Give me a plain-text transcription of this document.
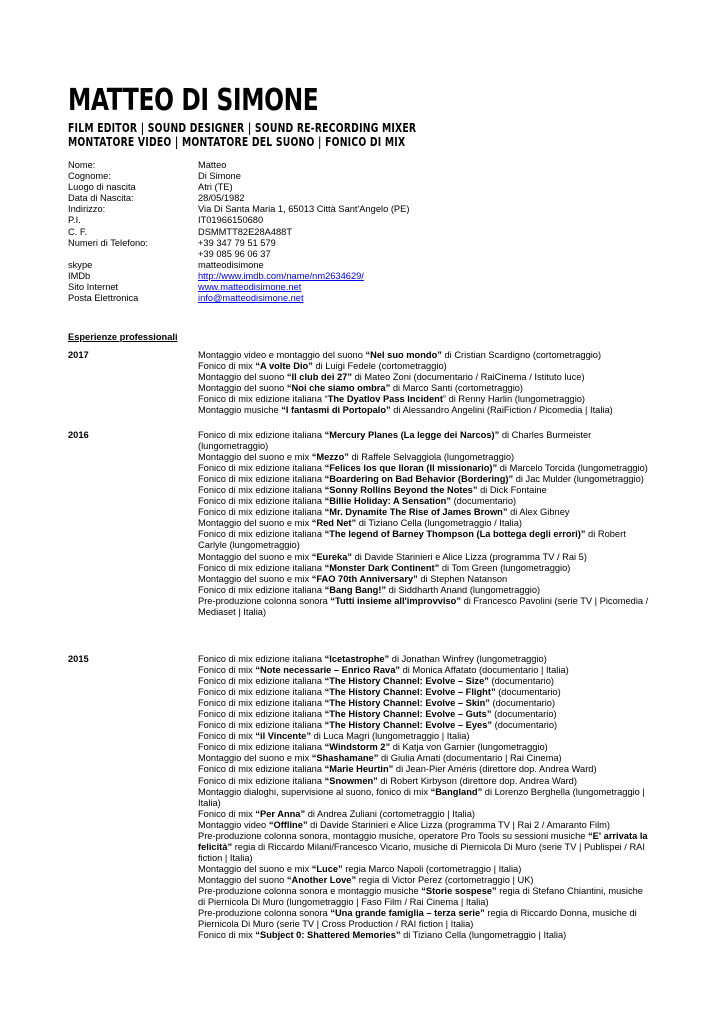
MATTEO DI SIMONE

FILM EDITOR | SOUND DESIGNER | SOUND RE-RECORDING MIXER

MONTATORE VIDEO | MONTATORE DEL SUONO | FONICO DI MIX

Nome:	Matteo
Cognome:	Di Simone
Luogo di nascita	Atri (TE)
Data di Nascita:	28/05/1982
Indirizzo:	Via Di Santa Maria 1, 65013 Città Sant'Angelo (PE)
P.I.	IT01966150680
C. F.	DSMMTT82E28A488T
Numeri di Telefono:	+39 347 79 51 579
+39 085 96 06 37
skype	matteodisimone
IMDb	http://www.imdb.com/name/nm2634629/
Sito Internet	www.matteodisimone.net
Posta Elettronica	info@matteodisimone.net
Esperienze professionali
2017	Montaggio video e montaggio del suono “Nel suo mondo” di Cristian Scardigno (cortometraggio)

Fonico di mix “A volte Dio” di Luigi Fedele (cortometraggio)

Montaggio del suono “Il club dei 27” di Mateo Zoni (documentario / RaiCinema / Istituto luce)

Montaggio del suono “Noi che siamo ombra” di Marco Santi (cortometraggio)

Fonico di mix edizione italiana “The Dyatlov Pass Incident” di Renny Harlin (lungometraggio)

Montaggio musiche “I fantasmi di Portopalo” di Alessandro Angelini (RaiFiction / Picomedia | Italia)

2016	Fonico di mix edizione italiana “Mercury Planes (La legge dei Narcos)” di Charles Burmeister (lungometraggio)

Montaggio del suono e mix “Mezzo” di Raffele Selvaggiola (lungometraggio)

Fonico di mix edizione italiana “Felices los que lloran (Il missionario)” di Marcelo Torcida (lungometraggio)

Fonico di mix edizione italiana “Boardering on Bad Behavior (Bordering)” di Jac Mulder (lungometraggio)

Fonico di mix edizione italiana “Sonny Rollins Beyond the Notes” di Dick Fontaine

Fonico di mix edizione italiana “Billie Holiday: A Sensation” (documentario)

Fonico di mix edizione italiana “Mr. Dynamite The Rise of James Brown” di Alex Gibney

Montaggio del suono e mix “Red Net” di Tiziano Cella (lungometraggio / Italia)

Fonico di mix edizione italiana “The legend of Barney Thompson (La bottega degli errori)” di Robert Carlyle (lungometraggio)

Montaggio del suono e mix “Eureka” di Davide Starinieri e Alice Lizza (programma TV / Rai 5)

Fonico di mix edizione italiana “Monster Dark Continent” di Tom Green (lungometraggio)

Montaggio del suono e mix “FAO 70th Anniversary” di Stephen Natanson

Fonico di mix edizione italiana “Bang Bang!” di Siddharth Anand (lungometraggio)

Pre-produzione colonna sonora “Tutti insieme all'improvviso” di Francesco Pavolini (serie TV | Picomedia / Mediaset | Italia)

2015	Fonico di mix edizione italiana “Icetastrophe” di Jonathan Winfrey (lungometraggio)

Fonico di mix “Note necessarie – Enrico Rava” di Monica Affatato (documentario | Italia)

Fonico di mix edizione italiana “The History Channel: Evolve – Size” (documentario)

Fonico di mix edizione italiana “The History Channel: Evolve – Flight” (documentario)

Fonico di mix edizione italiana “The History Channel: Evolve – Skin” (documentario)

Fonico di mix edizione italiana “The History Channel: Evolve – Guts” (documentario)

Fonico di mix edizione italiana “The History Channel: Evolve – Eyes” (documentario)

Fonico di mix “il Vincente” di Luca Magri (lungometraggio | Italia)

Fonico di mix edizione italiana “Windstorm 2” di Katja von Garnier (lungometraggio)

Montaggio del suono e mix “Shashamane” di Giulia Amati (documentario | Rai Cinema)

Fonico di mix edizione italiana “Marie Heurtin” di Jean-Pier Améris (direttore dop. Andrea Ward)

Fonico di mix edizione italiana “Snowmen” di Robert Kirbyson (direttore dop. Andrea Ward)

Montaggio dialoghi, supervisione al suono, fonico di mix “Bangland” di Lorenzo Berghella (lungometraggio | Italia)

Fonico di mix “Per Anna” di Andrea Zuliani (cortometraggio | Italia)

Montaggio video “Offline” di Davide Starinieri e Alice Lizza (programma TV | Rai 2 / Amaranto Film)

Pre-produzione colonna sonora, montaggio musiche, operatore Pro Tools su sessioni musiche “E' arrivata la felicità” regia di Riccardo Milani/Francesco Vicario, musiche di Piernicola Di Muro (serie TV | Publispei / RAI fiction | Italia)

Montaggio del suono e mix “Luce” regia Marco Napoli (cortometraggio | Italia)

Montaggio del suono “Another Love” regia di Victor Perez (cortometraggio | UK)

Pre-produzione colonna sonora e montaggio musiche “Storie sospese” regia di Stefano Chiantini, musiche di Piernicola Di Muro (lungometraggio | Faso Film / Rai Cinema | Italia)

Pre-produzione colonna sonora “Una grande famiglia – terza serie” regia di Riccardo Donna, musiche di Piernicola Di Muro (serie TV | Cross Production / RAI fiction | Italia)

Fonico di mix “Subject 0: Shattered Memories” di Tiziano Cella (lungometraggio | Italia)
